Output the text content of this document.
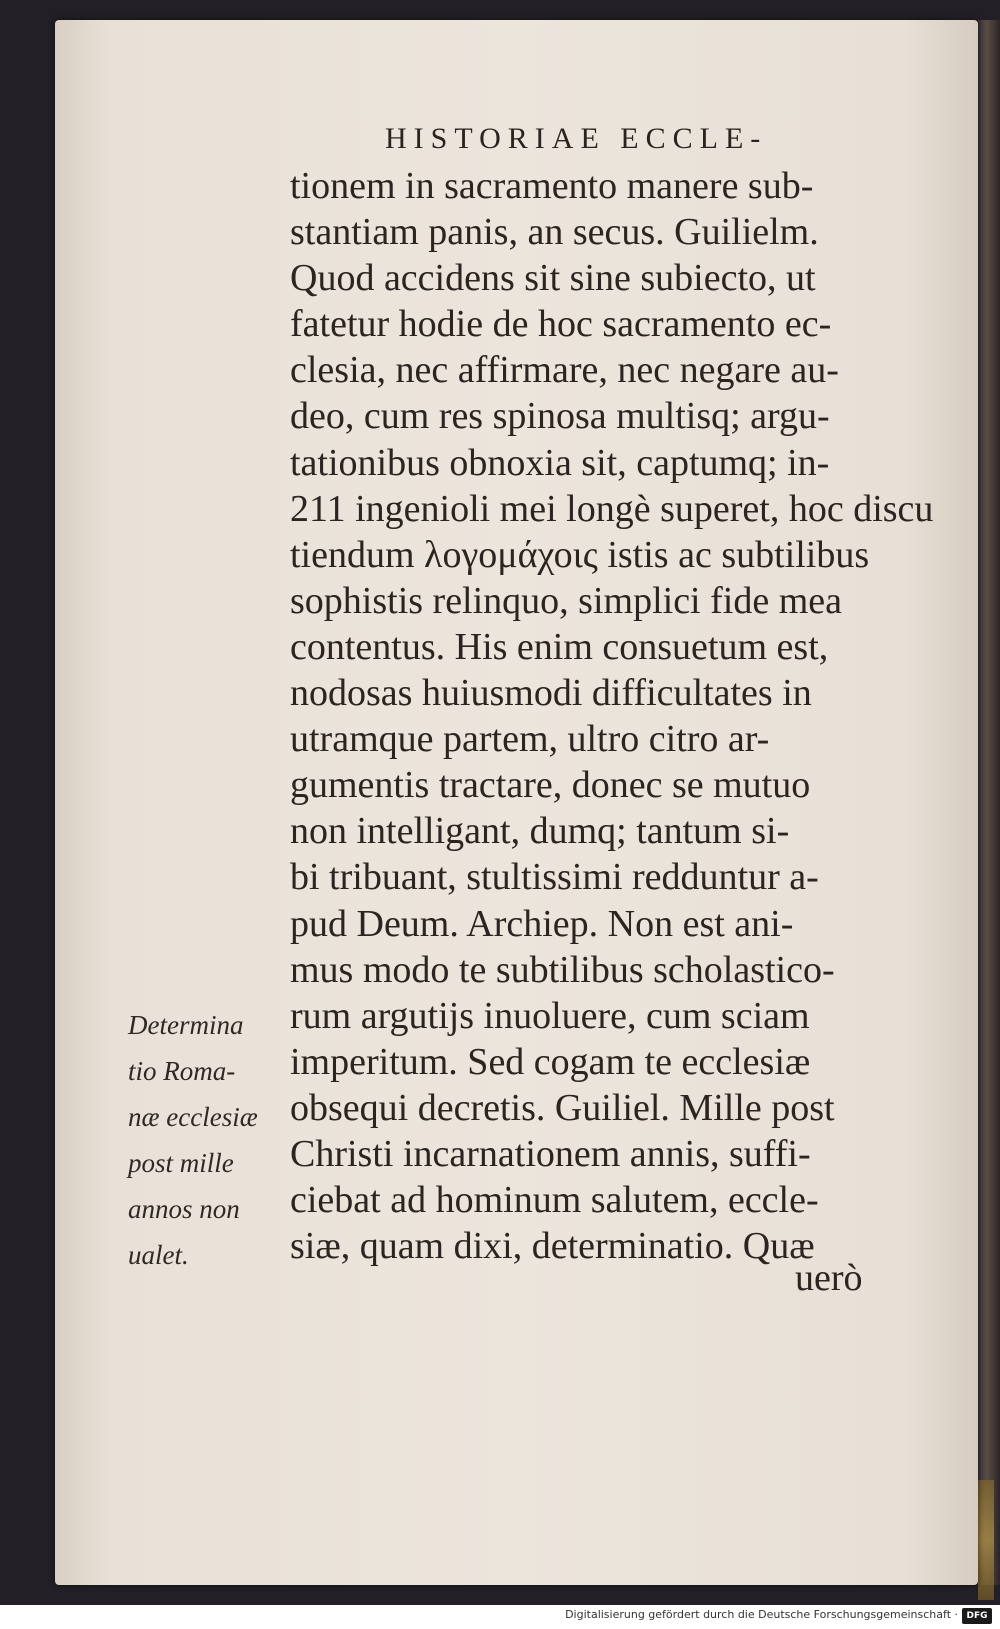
HISTORIAE ECCLE-
tionem in sacramento manere sub-
stantiam panis, an secus. Guilielm.
Quod accidens sit sine subiecto, ut
fatetur hodie de hoc sacramento ec-
clesia, nec affirmare, nec negare au-
deo, cum res spinosa multisq; argu-
tationibus obnoxia sit, captumq; in-
211 ingenioli mei longè superet, hoc discu
tiendum λογομάχοις istis ac subtilibus
sophistis relinquo, simplici fide mea
contentus. His enim consuetum est,
nodosas huiusmodi difficultates in
utramque partem, ultro citro ar-
gumentis tractare, donec se mutuo
non intelligant, dumq; tantum si-
bi tribuant, stultissimi redduntur a-
pud Deum. Archiep. Non est ani-
mus modo te subtilibus scholastico-
rum argutijs inuoluere, cum sciam
imperitum. Sed cogam te ecclesiæ
obsequi decretis. Guiliel. Mille post
Christi incarnationem annis, suffi-
ciebat ad hominum salutem, eccle-
siæ, quam dixi, determinatio. Quæ
Determina
tio Roma-
næ ecclesiæ
post mille
annos non
ualet.
uerò
Digitalisierung gefördert durch die Deutsche Forschungsgemeinschaft · DFG
